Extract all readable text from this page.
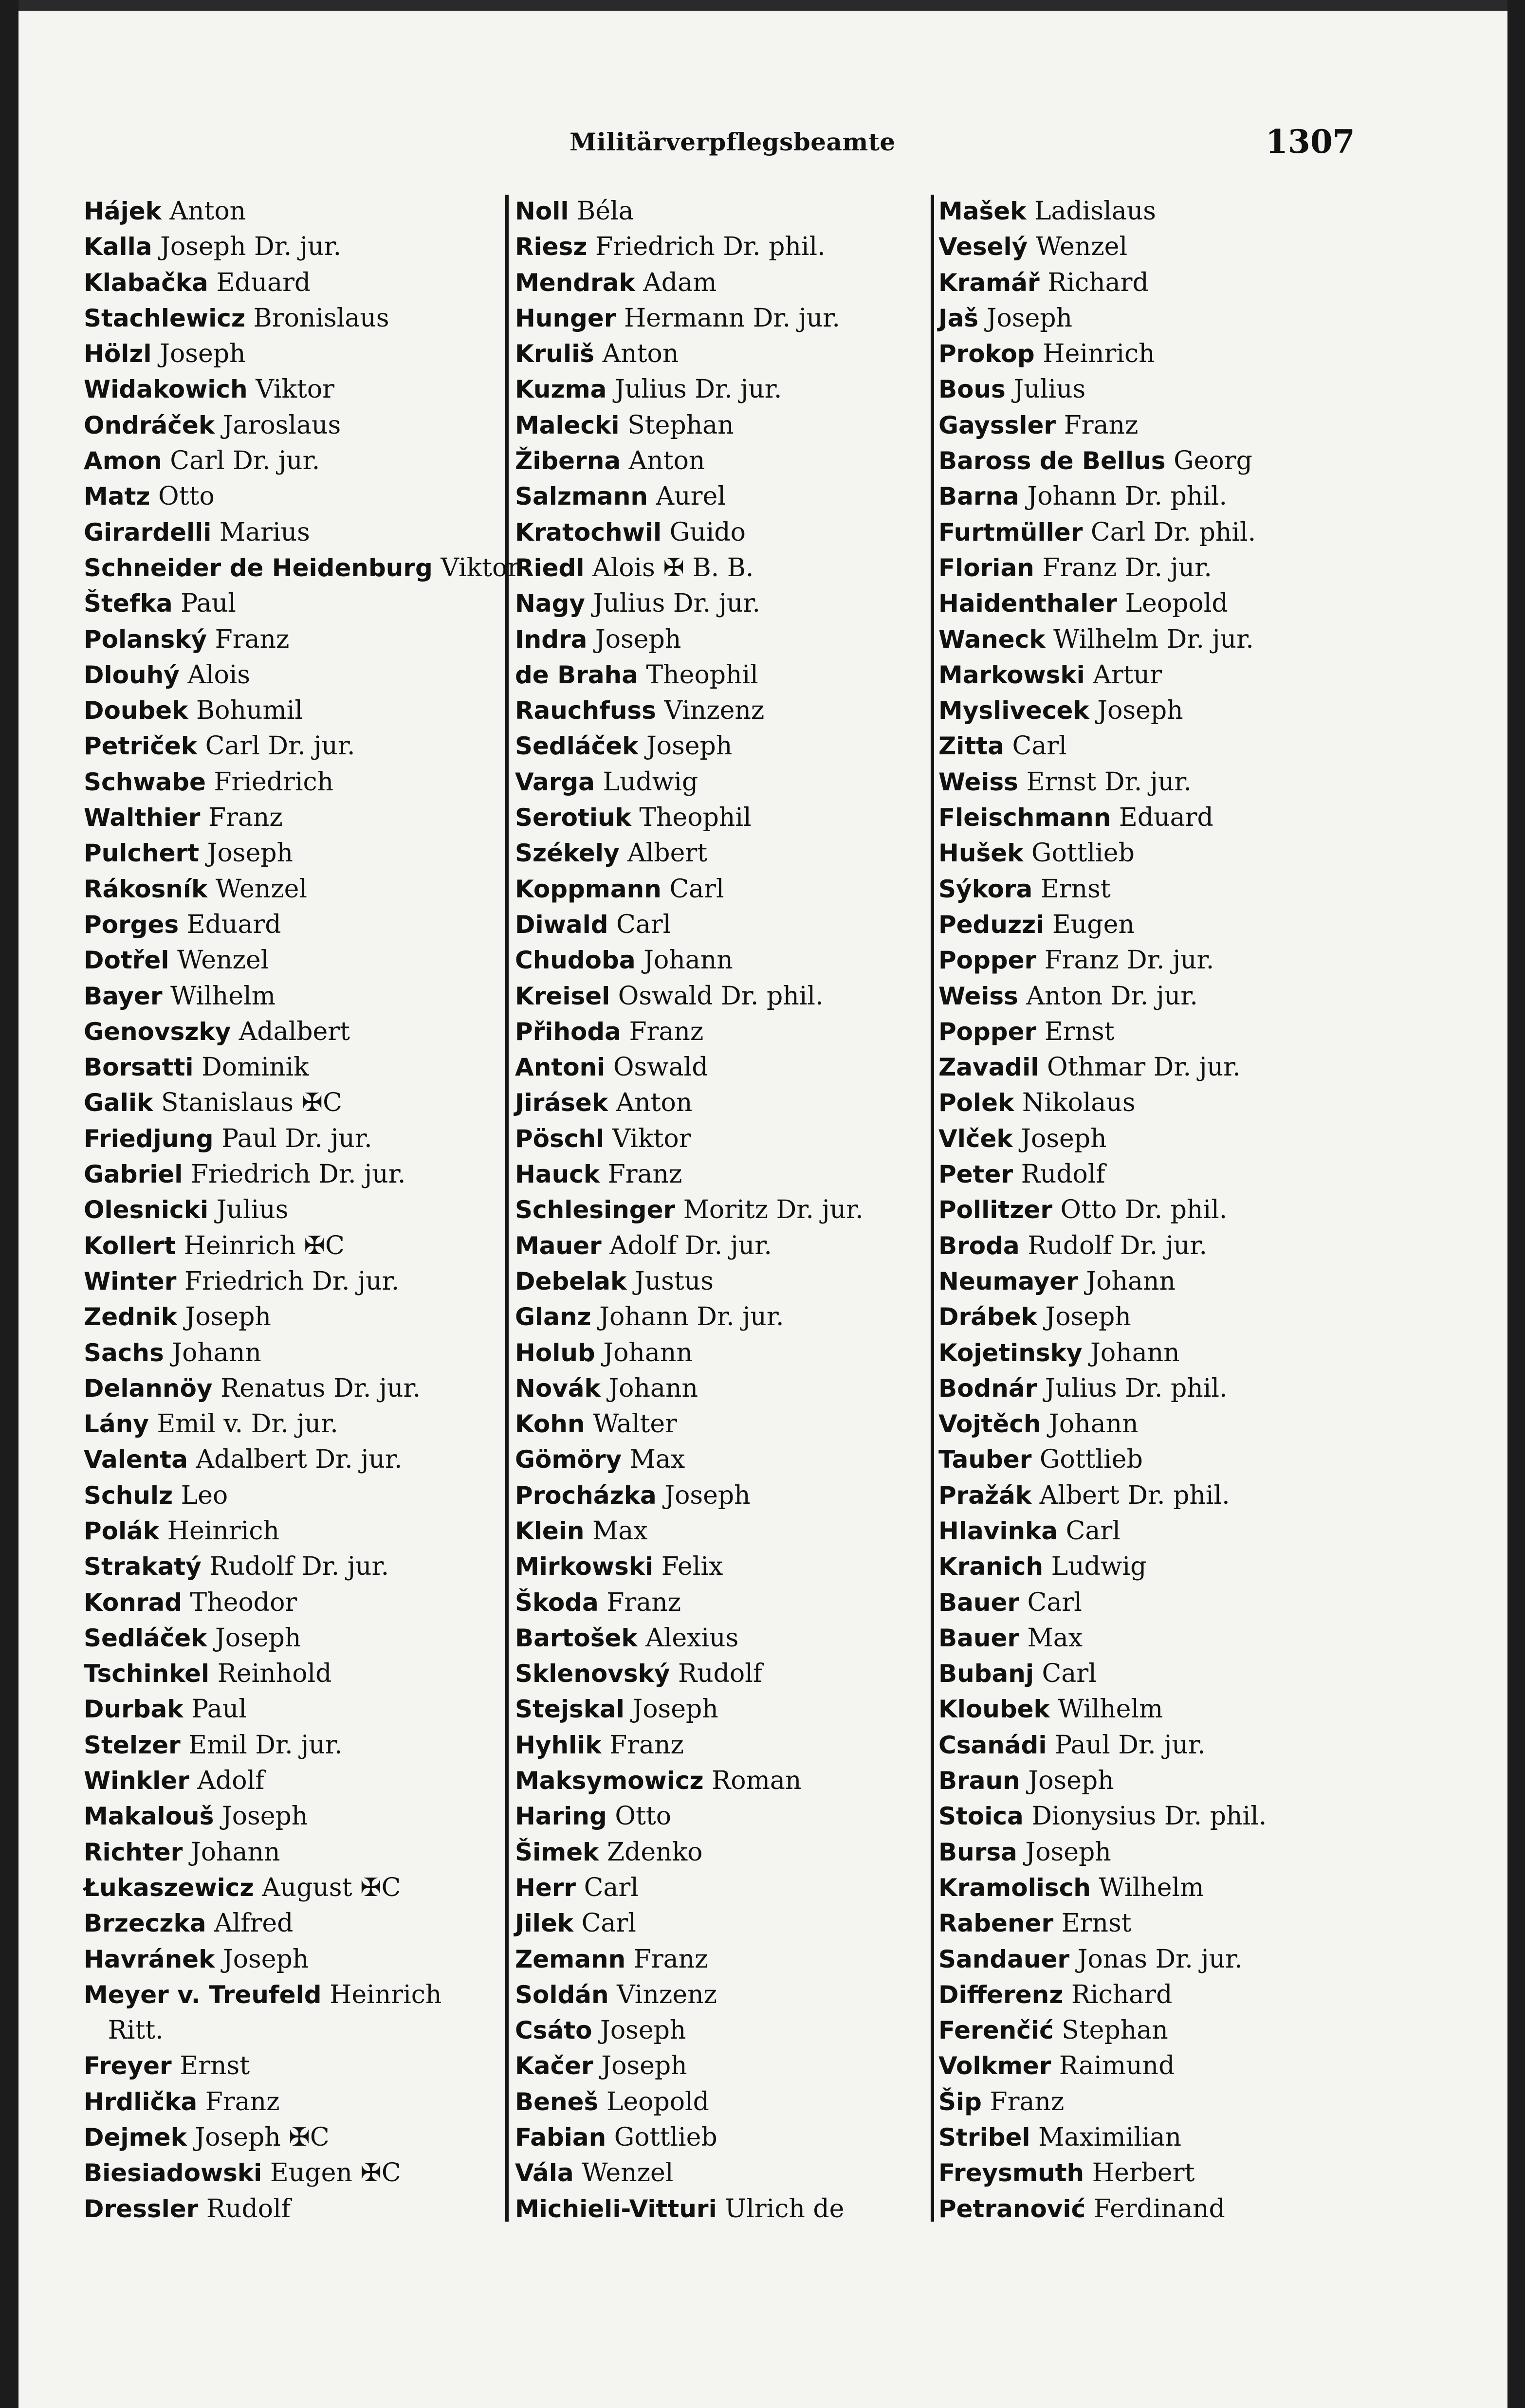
Militärverpflegsbeamte	1307
Hájek Anton
Kalla Joseph Dr. jur.
Klabačka Eduard
Stachlewicz Bronislaus
Hölzl Joseph
Widakowich Viktor
Ondráček Jaroslaus
Amon Carl Dr. jur.
Matz Otto
Girardelli Marius
Schneider de Heidenburg Viktor
Štefka Paul
Polanský Franz
Dlouhý Alois
Doubek Bohumil
Petriček Carl Dr. jur.
Schwabe Friedrich
Walthier Franz
Pulchert Joseph
Rákosník Wenzel
Porges Eduard
Dotřel Wenzel
Bayer Wilhelm
Genovszky Adalbert
Borsatti Dominik
Galik Stanislaus ✠C
Friedjung Paul Dr. jur.
Gabriel Friedrich Dr. jur.
Olesnicki Julius
Kollert Heinrich ✠C
Winter Friedrich Dr. jur.
Zednik Joseph
Sachs Johann
Delannöy Renatus Dr. jur.
Lány Emil v. Dr. jur.
Valenta Adalbert Dr. jur.
Schulz Leo
Polák Heinrich
Strakatý Rudolf Dr. jur.
Konrad Theodor
Sedláček Joseph
Tschinkel Reinhold
Durbak Paul
Stelzer Emil Dr. jur.
Winkler Adolf
Makalouš Joseph
Richter Johann
Łukaszewicz August ✠C
Brzeczka Alfred
Havránek Joseph
Meyer v. Treufeld Heinrich
Ritt.
Freyer Ernst
Hrdlička Franz
Dejmek Joseph ✠C
Biesiadowski Eugen ✠C
Dressler Rudolf
Noll Béla
Riesz Friedrich Dr. phil.
Mendrak Adam
Hunger Hermann Dr. jur.
Kruliš Anton
Kuzma Julius Dr. jur.
Malecki Stephan
Žiberna Anton
Salzmann Aurel
Kratochwil Guido
Riedl Alois ✠ B. B.
Nagy Julius Dr. jur.
Indra Joseph
de Braha Theophil
Rauchfuss Vinzenz
Sedláček Joseph
Varga Ludwig
Serotiuk Theophil
Székely Albert
Koppmann Carl
Diwald Carl
Chudoba Johann
Kreisel Oswald Dr. phil.
Přihoda Franz
Antoni Oswald
Jirásek Anton
Pöschl Viktor
Hauck Franz
Schlesinger Moritz Dr. jur.
Mauer Adolf Dr. jur.
Debelak Justus
Glanz Johann Dr. jur.
Holub Johann
Novák Johann
Kohn Walter
Gömöry Max
Procházka Joseph
Klein Max
Mirkowski Felix
Škoda Franz
Bartošek Alexius
Sklenovský Rudolf
Stejskal Joseph
Hyhlik Franz
Maksymowicz Roman
Haring Otto
Šimek Zdenko
Herr Carl
Jilek Carl
Zemann Franz
Soldán Vinzenz
Csáto Joseph
Kačer Joseph
Beneš Leopold
Fabian Gottlieb
Vála Wenzel
Michieli-Vitturi Ulrich de
Mašek Ladislaus
Veselý Wenzel
Kramář Richard
Jaš Joseph
Prokop Heinrich
Bous Julius
Gayssler Franz
Baross de Bellus Georg
Barna Johann Dr. phil.
Furtmüller Carl Dr. phil.
Florian Franz Dr. jur.
Haidenthaler Leopold
Waneck Wilhelm Dr. jur.
Markowski Artur
Myslivecek Joseph
Zitta Carl
Weiss Ernst Dr. jur.
Fleischmann Eduard
Hušek Gottlieb
Sýkora Ernst
Peduzzi Eugen
Popper Franz Dr. jur.
Weiss Anton Dr. jur.
Popper Ernst
Zavadil Othmar Dr. jur.
Polek Nikolaus
Vlček Joseph
Peter Rudolf
Pollitzer Otto Dr. phil.
Broda Rudolf Dr. jur.
Neumayer Johann
Drábek Joseph
Kojetinsky Johann
Bodnár Julius Dr. phil.
Vojtěch Johann
Tauber Gottlieb
Pražák Albert Dr. phil.
Hlavinka Carl
Kranich Ludwig
Bauer Carl
Bauer Max
Bubanj Carl
Kloubek Wilhelm
Csanádi Paul Dr. jur.
Braun Joseph
Stoica Dionysius Dr. phil.
Bursa Joseph
Kramolisch Wilhelm
Rabener Ernst
Sandauer Jonas Dr. jur.
Differenz Richard
Ferenčić Stephan
Volkmer Raimund
Šip Franz
Stribel Maximilian
Freysmuth Herbert
Petranović Ferdinand
